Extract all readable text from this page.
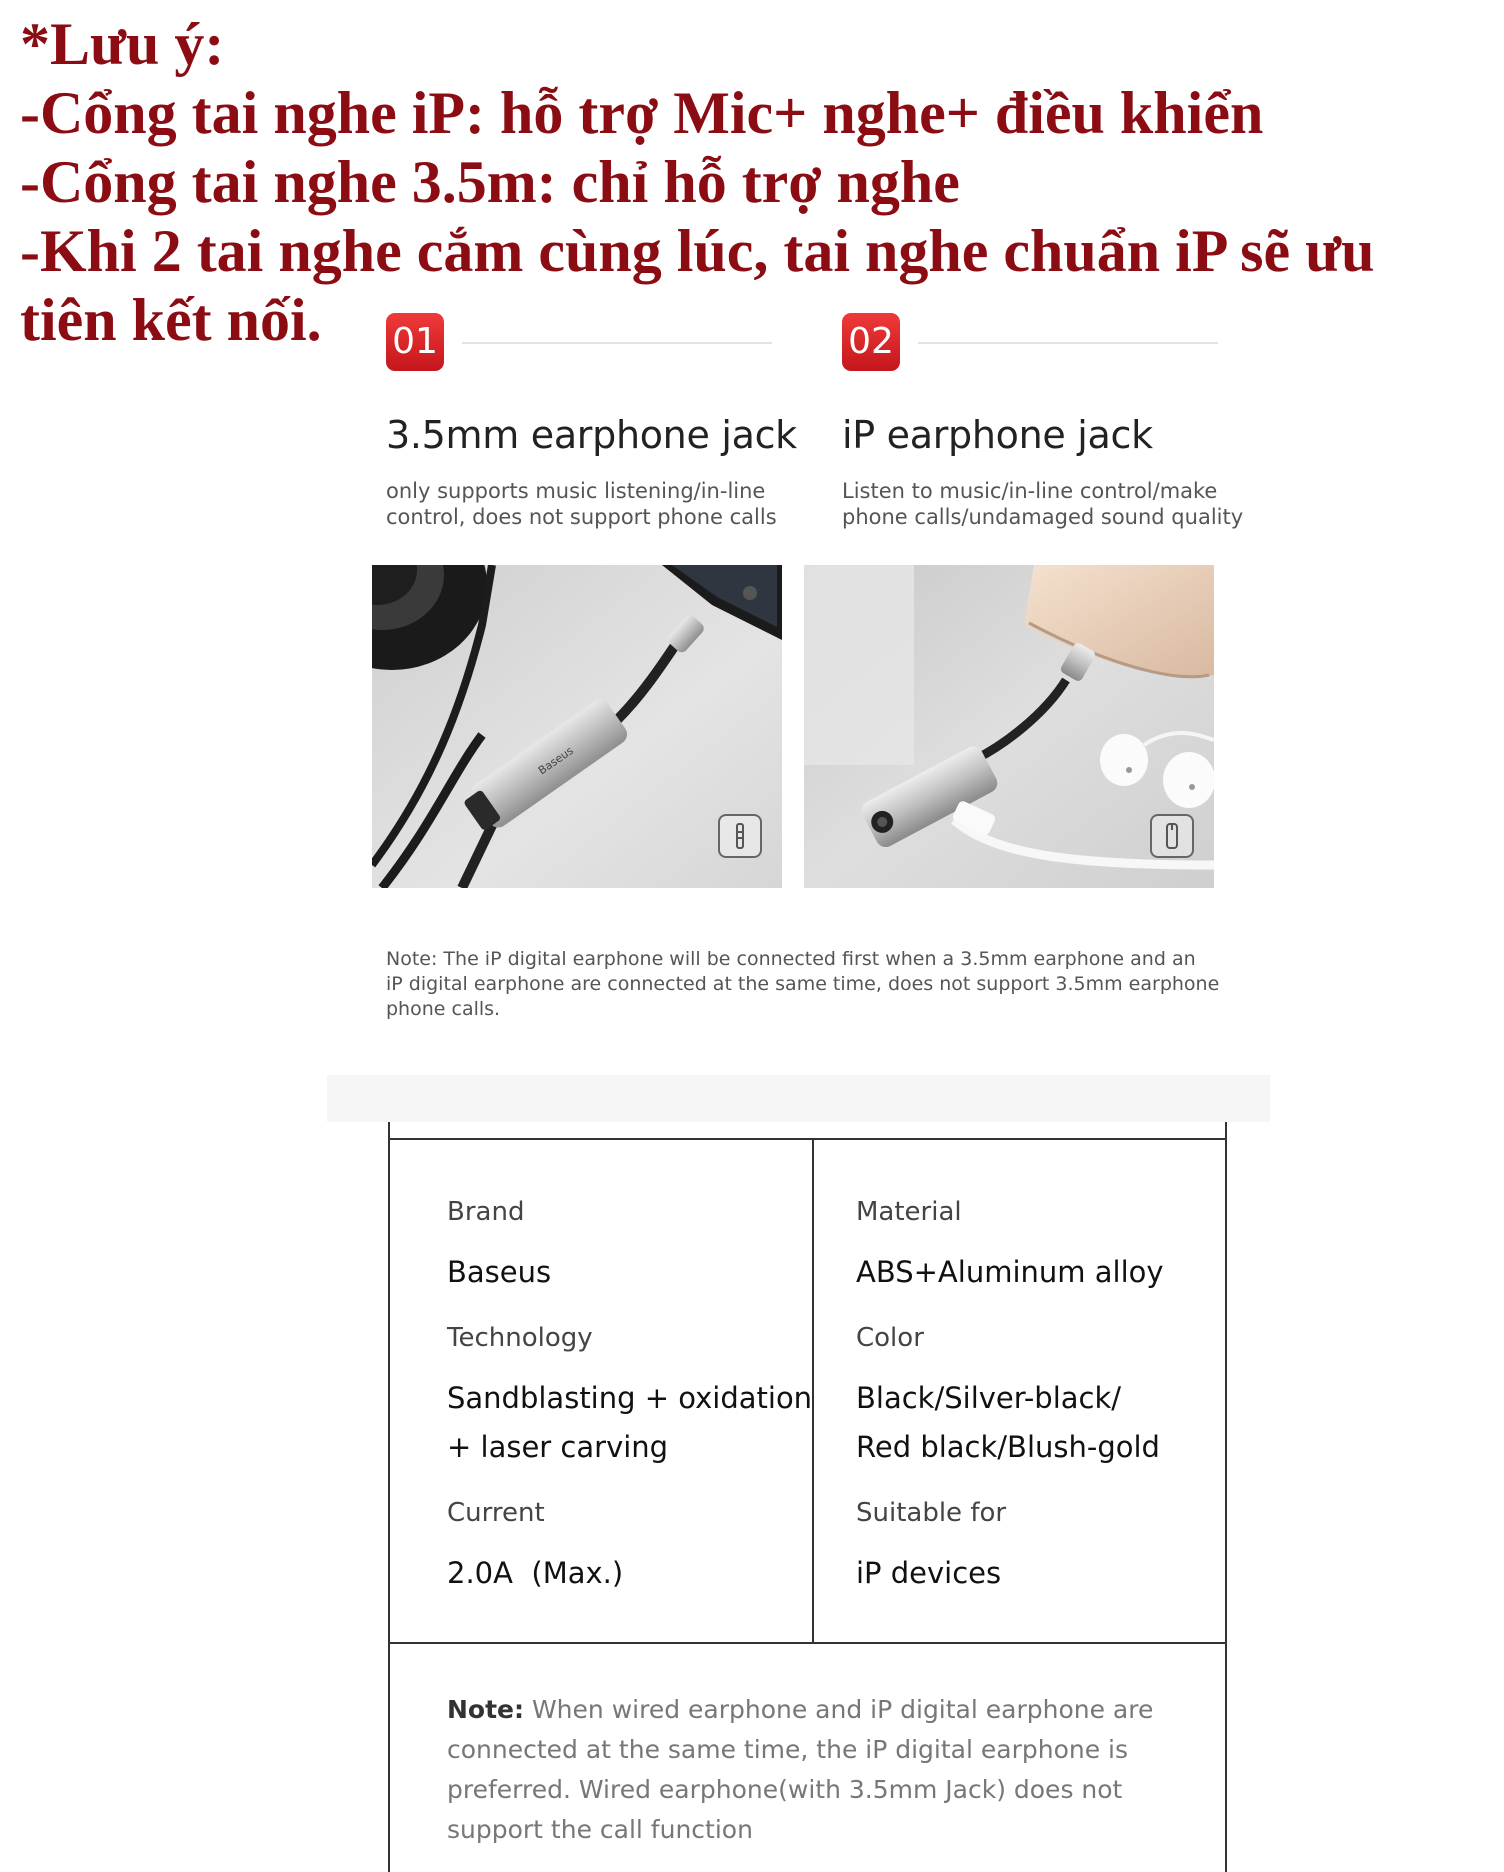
*Lưu ý:
-Cổng tai nghe iP: hỗ trợ Mic+ nghe+ điều khiển
-Cổng tai nghe 3.5m: chỉ hỗ trợ nghe
-Khi 2 tai nghe cắm cùng lúc, tai nghe chuẩn iP sẽ ưu
tiên kết nối.	01
3.5mm earphone jack
only supports music listening/in-line
control, does not support phone calls
02
iP earphone jack
Listen to music/in-line control/make
phone calls/undamaged sound quality
Baseus
Note: The iP digital earphone will be connected first when a 3.5mm earphone and an
iP digital earphone are connected at the same time, does not support 3.5mm earphone
phone calls.
Brand
Baseus
Technology
Sandblasting + oxidation
+ laser carving
Current
2.0A  (Max.)
Material
ABS+Aluminum alloy
Color
Black/Silver-black/
Red black/Blush-gold
Suitable for
iP devices
Note: When wired earphone and iP digital earphone are connected at the same time, the iP digital earphone is preferred. Wired earphone(with 3.5mm Jack) does not support the call function
